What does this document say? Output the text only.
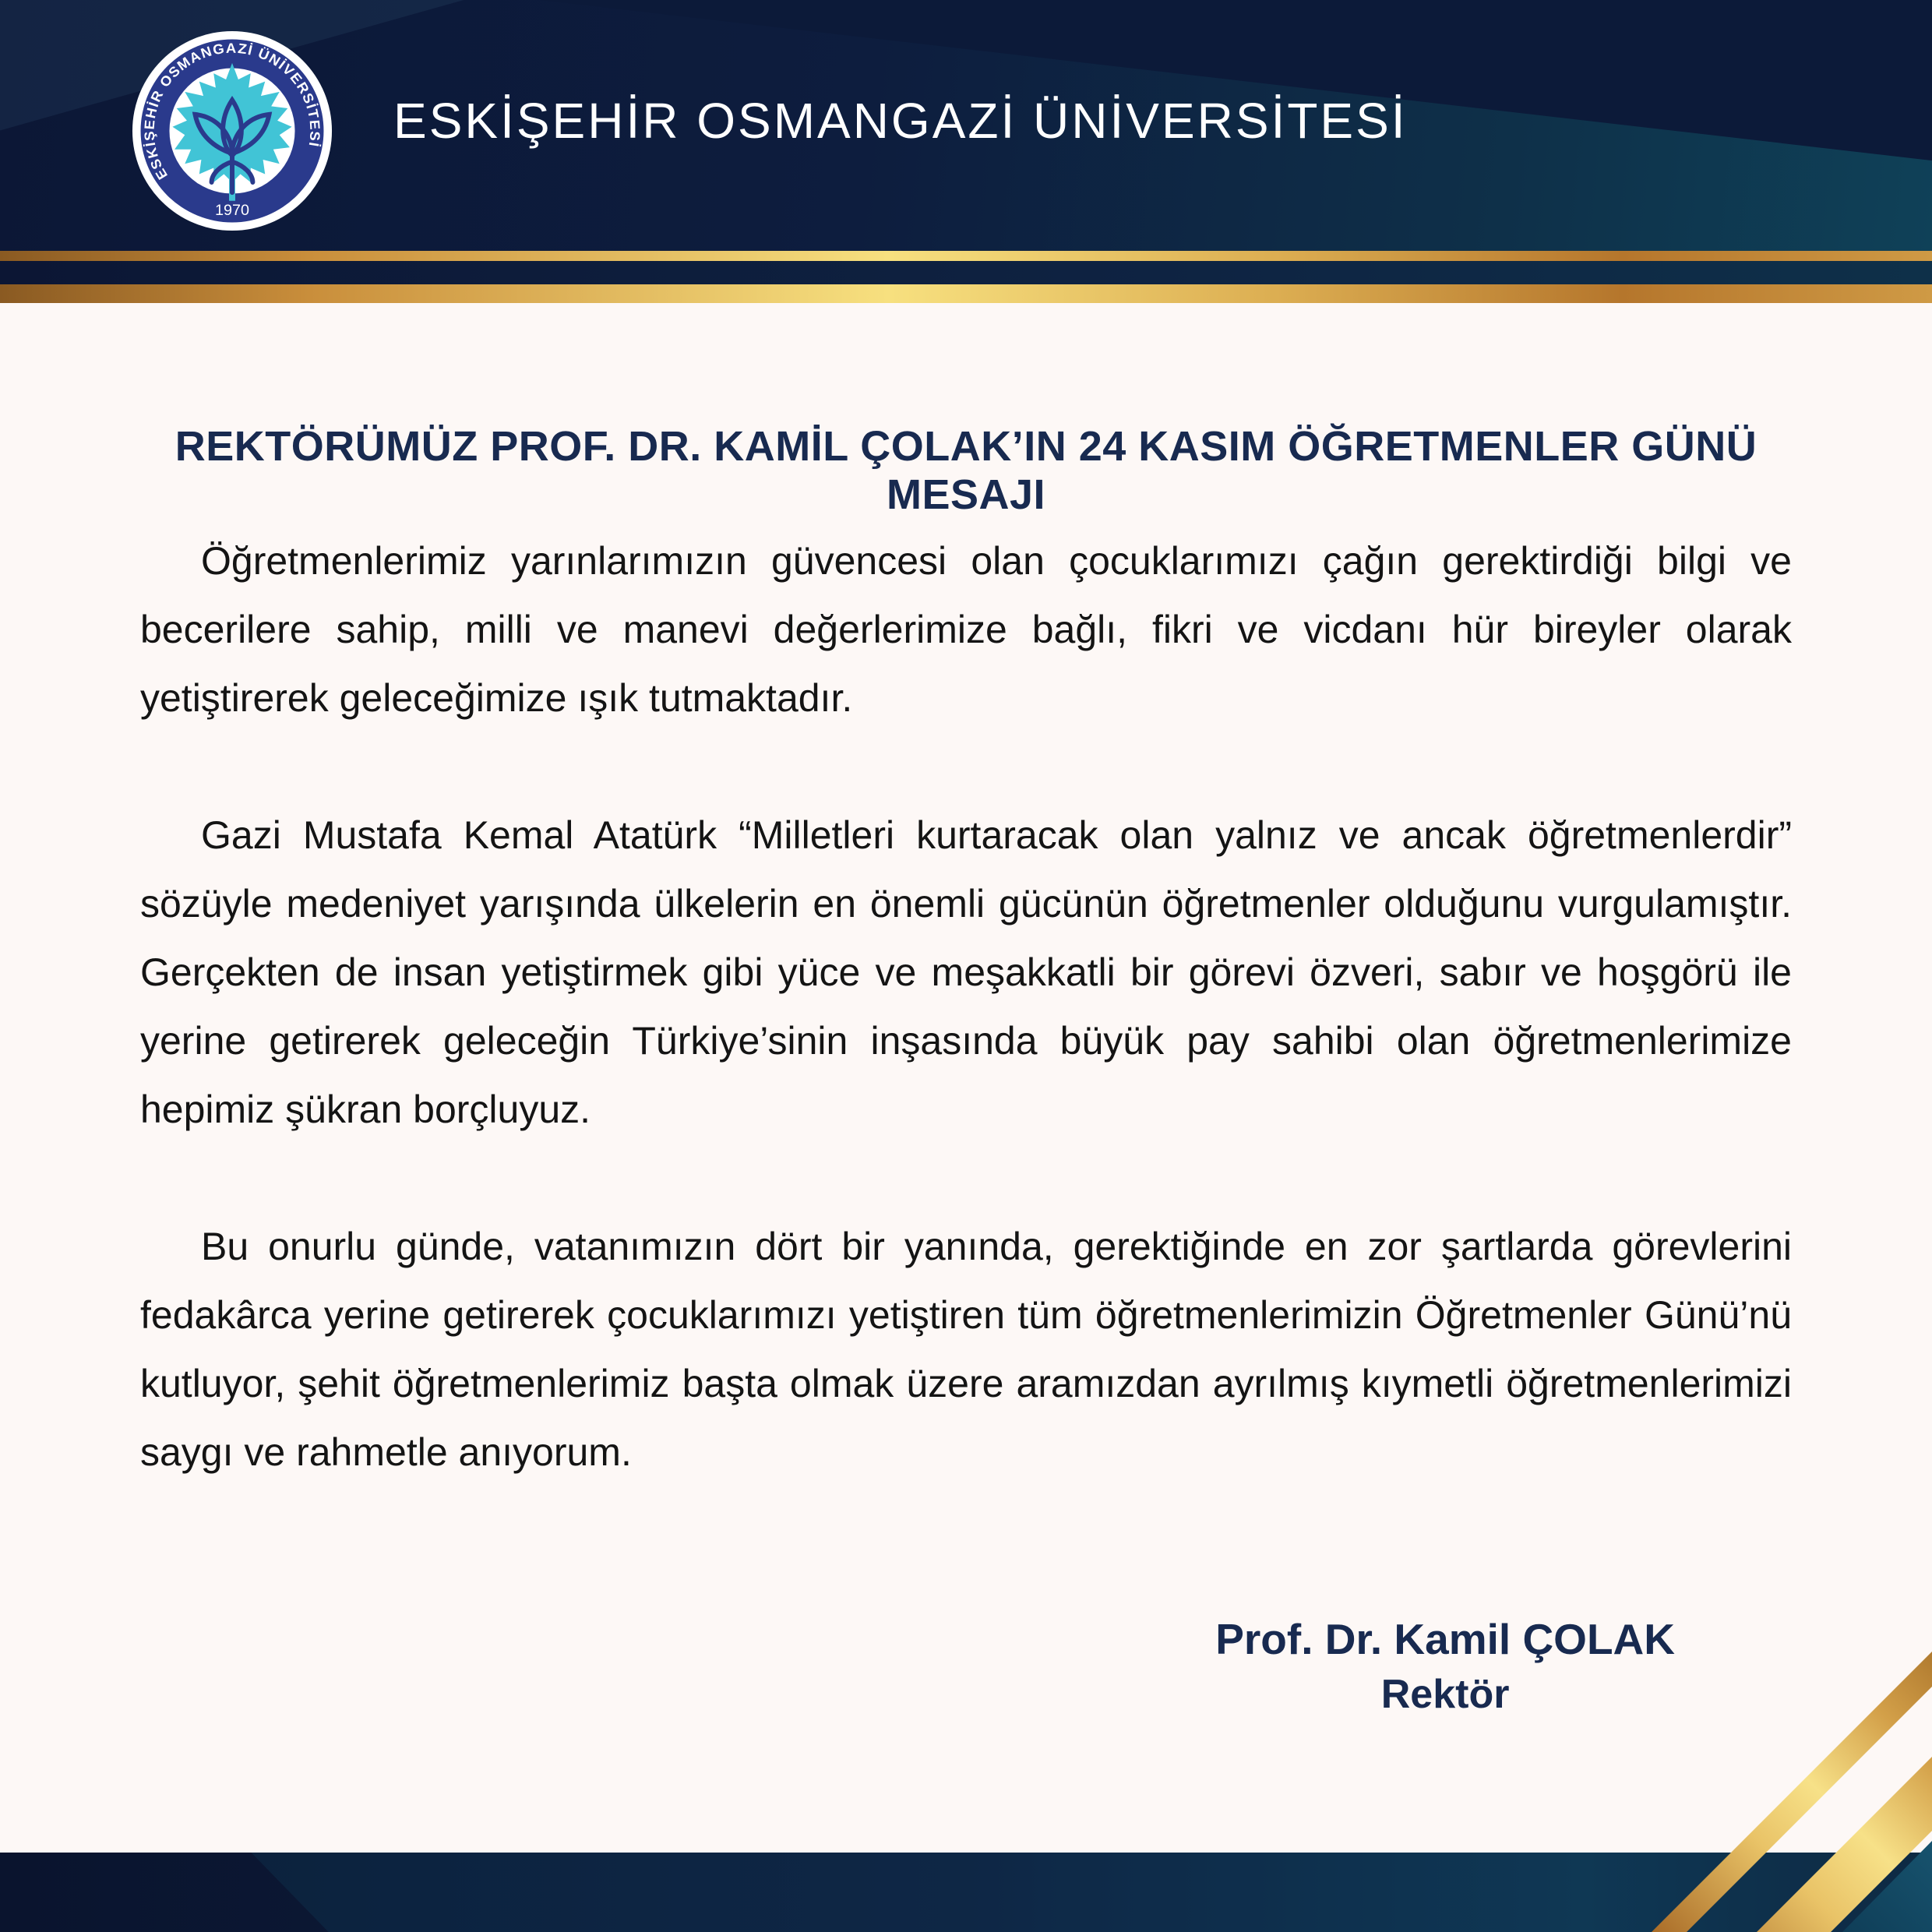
ESKİŞEHİR OSMANGAZİ ÜNİVERSİTESİ
1970
ESKİŞEHİR OSMANGAZİ ÜNİVERSİTESİ
REKTÖRÜMÜZ PROF. DR. KAMİL ÇOLAK’IN 24 KASIM ÖĞRETMENLER GÜNÜ MESAJI

Öğretmenlerimiz yarınlarımızın güvencesi olan çocuklarımızı çağın gerektirdiği bilgi ve becerilere sahip, milli ve manevi değerlerimize bağlı, fikri ve vicdanı hür bireyler olarak yetiştirerek geleceğimize ışık tutmaktadır.

Gazi Mustafa Kemal Atatürk “Milletleri kurtaracak olan yalnız ve ancak öğretmenlerdir” sözüyle medeniyet yarışında ülkelerin en önemli gücünün öğretmenler olduğunu vurgulamıştır. Gerçekten de insan yetiştirmek gibi yüce ve meşakkatli bir görevi özveri, sabır ve hoşgörü ile yerine getirerek geleceğin Türkiye’sinin inşasında büyük pay sahibi olan öğretmenlerimize hepimiz şükran borçluyuz.

Bu onurlu günde, vatanımızın dört bir yanında, gerektiğinde en zor şartlarda görevlerini fedakârca yerine getirerek çocuklarımızı yetiştiren tüm öğretmenlerimizin Öğretmenler Günü’nü kutluyor, şehit öğretmenlerimiz başta olmak üzere aramızdan ayrılmış kıymetli öğretmenlerimizi saygı ve rahmetle anıyorum.

Prof. Dr. Kamil ÇOLAK
Rektör
